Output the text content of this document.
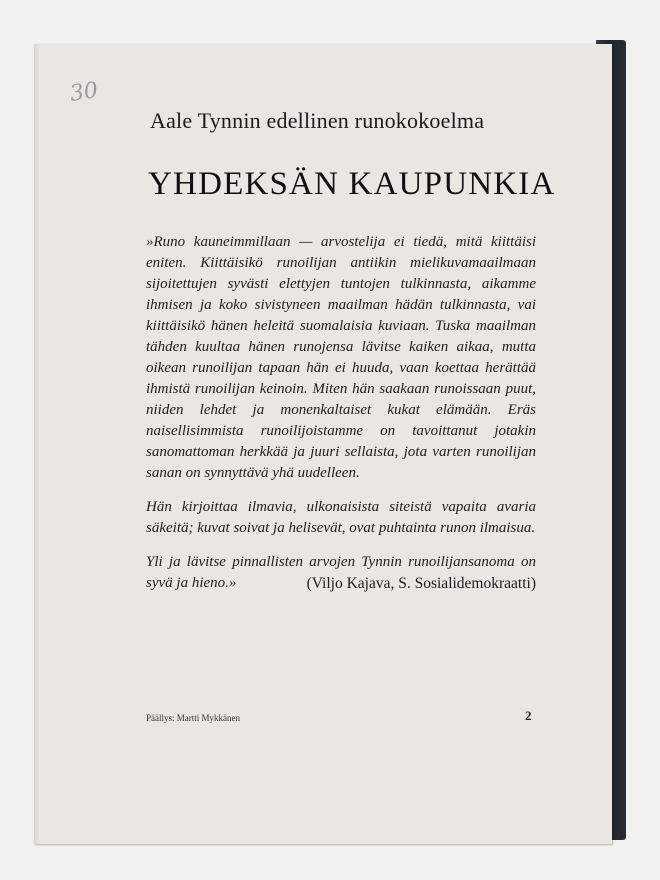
30
Aale Tynnin edellinen runokokoelma
YHDEKSÄN KAUPUNKIA

»Runo kauneimmillaan — arvostelija ei tiedä, mitä kiittäisi eniten. Kiittäisikö runoilijan antiikin mielikuvamaailmaan sijoitettujen syvästi elettyjen tuntojen tulkinnasta, aikamme ihmisen ja koko sivistyneen maailman hädän tulkinnasta, vai kiittäisikö hänen heleitä suomalaisia kuviaan. Tuska maailman tähden kuultaa hänen runojensa lävitse kaiken aikaa, mutta oikean runoilijan tapaan hän ei huuda, vaan koettaa herättää ihmistä runoilijan keinoin. Miten hän saakaan runoissaan puut, niiden lehdet ja monenkaltaiset kukat elämään. Eräs naisellisimmista runoilijoistamme on tavoittanut jotakin sanomattoman herkkää ja juuri sellaista, jota varten runoilijan sanan on synnyttävä yhä uudelleen.

Hän kirjoittaa ilmavia, ulkonaisista siteistä vapaita avaria säkeitä; kuvat soivat ja helisevät, ovat puhtainta runon ilmaisua.

Yli ja lävitse pinnallisten arvojen Tynnin runoilijansanoma on syvä ja hieno.»	(Viljo Kajava, S. Sosialidemokraatti)

Päällys: Martti Mykkänen	2
